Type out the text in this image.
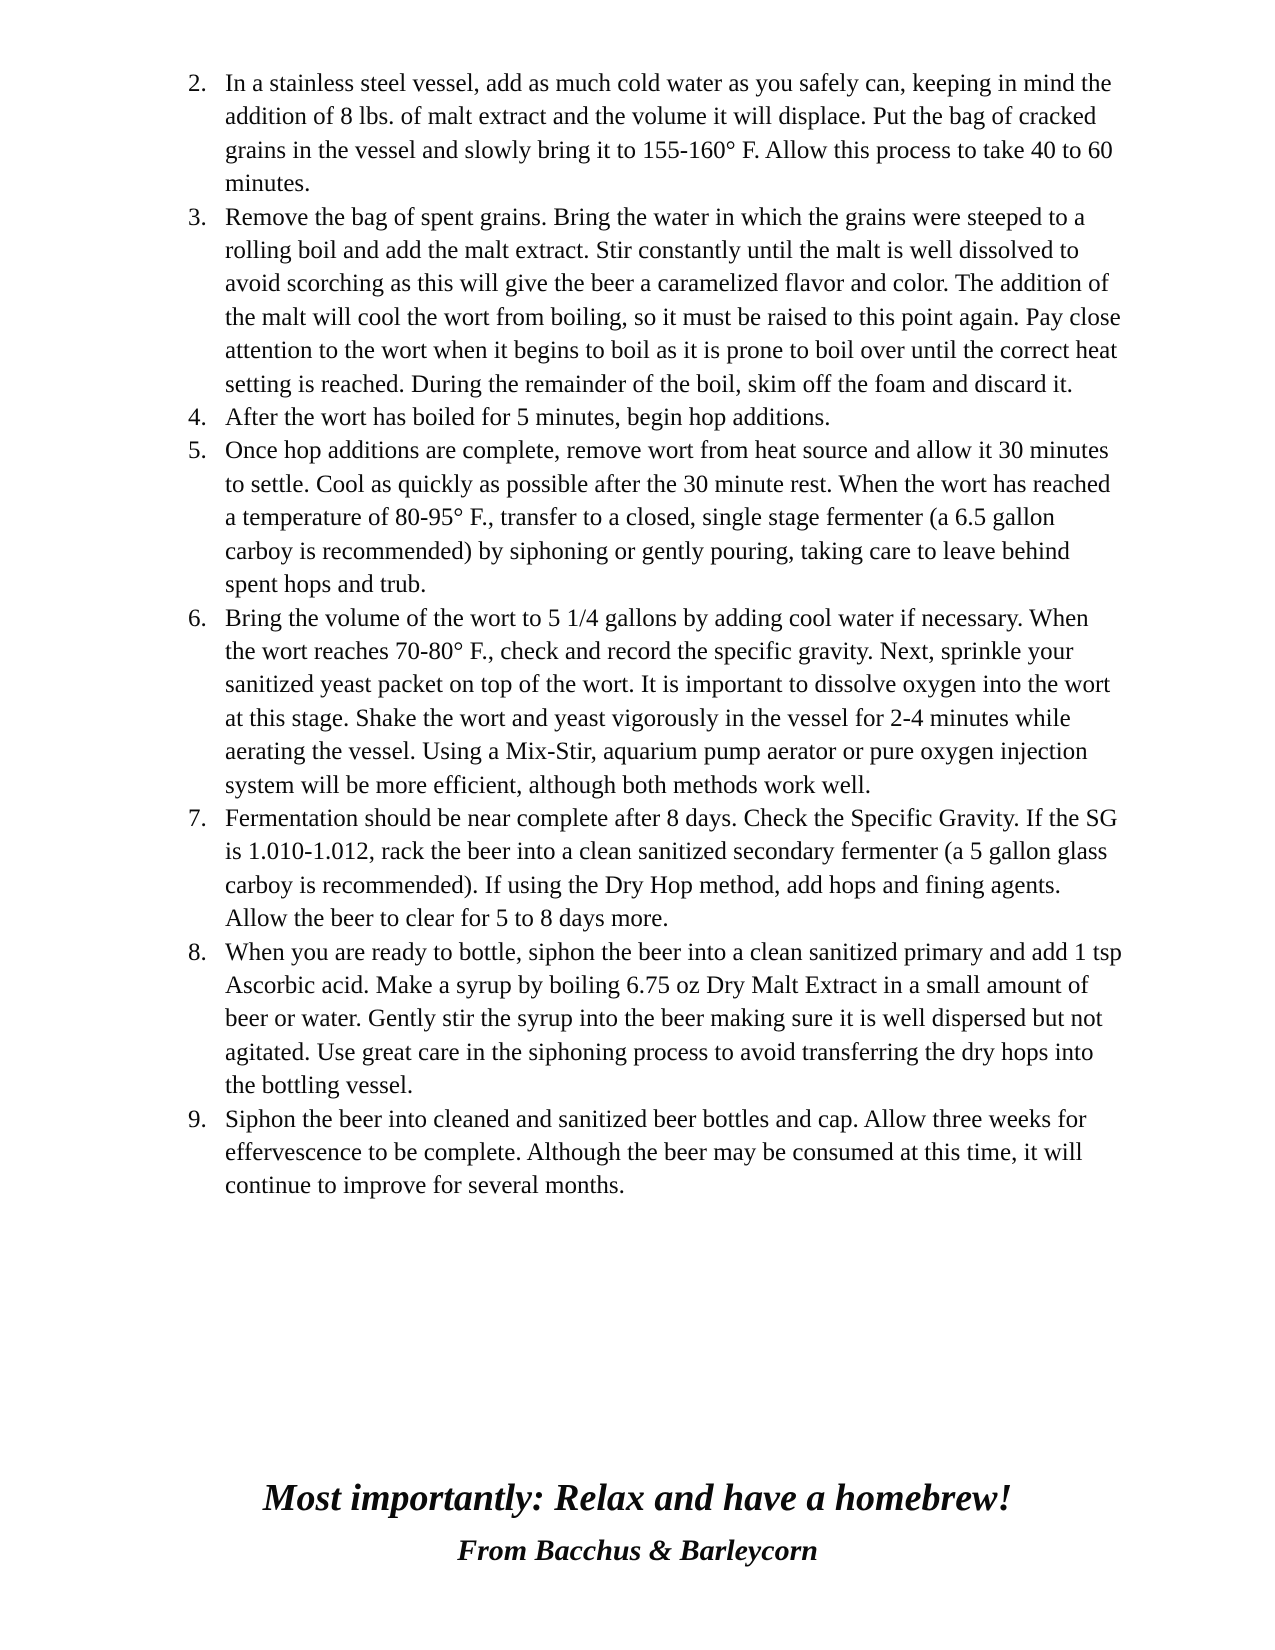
2. In a stainless steel vessel, add as much cold water as you safely can, keeping in mind the addition of 8 lbs. of malt extract and the volume it will displace. Put the bag of cracked grains in the vessel and slowly bring it to 155-160° F. Allow this process to take 40 to 60 minutes.
3. Remove the bag of spent grains. Bring the water in which the grains were steeped to a rolling boil and add the malt extract. Stir constantly until the malt is well dissolved to avoid scorching as this will give the beer a caramelized flavor and color. The addition of the malt will cool the wort from boiling, so it must be raised to this point again. Pay close attention to the wort when it begins to boil as it is prone to boil over until the correct heat setting is reached. During the remainder of the boil, skim off the foam and discard it.
4. After the wort has boiled for 5 minutes, begin hop additions.
5. Once hop additions are complete, remove wort from heat source and allow it 30 minutes to settle. Cool as quickly as possible after the 30 minute rest. When the wort has reached a temperature of 80-95° F., transfer to a closed, single stage fermenter (a 6.5 gallon carboy is recommended) by siphoning or gently pouring, taking care to leave behind spent hops and trub.
6. Bring the volume of the wort to 5 1/4 gallons by adding cool water if necessary. When the wort reaches 70-80° F., check and record the specific gravity. Next, sprinkle your sanitized yeast packet on top of the wort. It is important to dissolve oxygen into the wort at this stage. Shake the wort and yeast vigorously in the vessel for 2-4 minutes while aerating the vessel. Using a Mix-Stir, aquarium pump aerator or pure oxygen injection system will be more efficient, although both methods work well.
7. Fermentation should be near complete after 8 days. Check the Specific Gravity. If the SG is 1.010-1.012, rack the beer into a clean sanitized secondary fermenter (a 5 gallon glass carboy is recommended). If using the Dry Hop method, add hops and fining agents. Allow the beer to clear for 5 to 8 days more.
8. When you are ready to bottle, siphon the beer into a clean sanitized primary and add 1 tsp Ascorbic acid. Make a syrup by boiling 6.75 oz Dry Malt Extract in a small amount of beer or water. Gently stir the syrup into the beer making sure it is well dispersed but not agitated. Use great care in the siphoning process to avoid transferring the dry hops into the bottling vessel.
9. Siphon the beer into cleaned and sanitized beer bottles and cap. Allow three weeks for effervescence to be complete. Although the beer may be consumed at this time, it will continue to improve for several months.
Most importantly: Relax and have a homebrew!
From Bacchus & Barleycorn
